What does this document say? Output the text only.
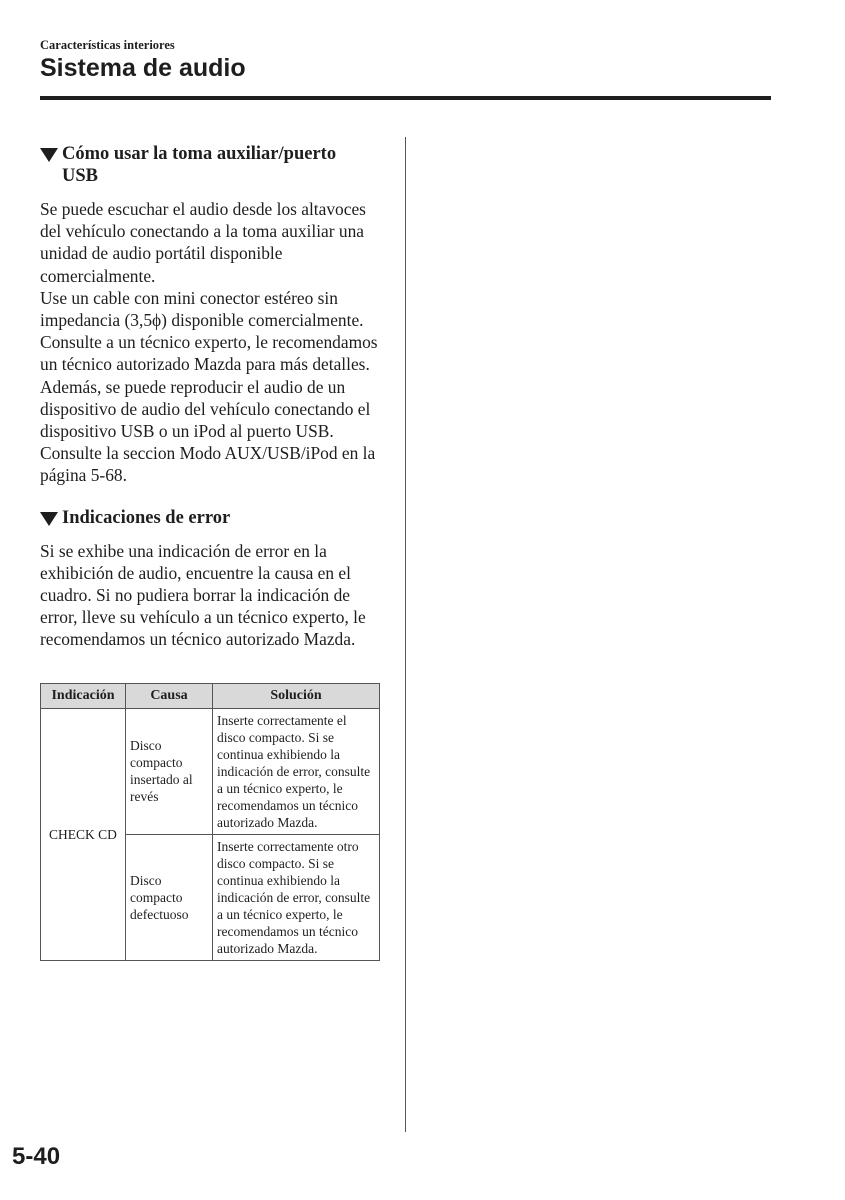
Características interiores
Sistema de audio
Cómo usar la toma auxiliar/puerto
USB

Se puede escuchar el audio desde los altavoces del vehículo conectando a la toma auxiliar una unidad de audio portátil disponible comercialmente.

Use un cable con mini conector estéreo sin impedancia (3,5ϕ) disponible comercialmente. Consulte a un técnico experto, le recomendamos un técnico autorizado Mazda para más detalles.

Además, se puede reproducir el audio de un dispositivo de audio del vehículo conectando el dispositivo USB o un iPod al puerto USB.

Consulte la seccion Modo AUX/USB/iPod en la página 5-68.

Indicaciones de error

Si se exhibe una indicación de error en la exhibición de audio, encuentre la causa en el cuadro. Si no pudiera borrar la indicación de error, lleve su vehículo a un técnico experto, le recomendamos un técnico autorizado Mazda.

Indicación	Causa	Solución
CHECK CD	Disco compacto insertado al revés	Inserte correctamente el disco compacto. Si se continua exhibiendo la indicación de error, consulte a un técnico experto, le recomendamos un técnico autorizado Mazda.
	Disco compacto defectuoso	Inserte correctamente otro disco compacto. Si se continua exhibiendo la indicación de error, consulte a un técnico experto, le recomendamos un técnico autorizado Mazda.
5-40
